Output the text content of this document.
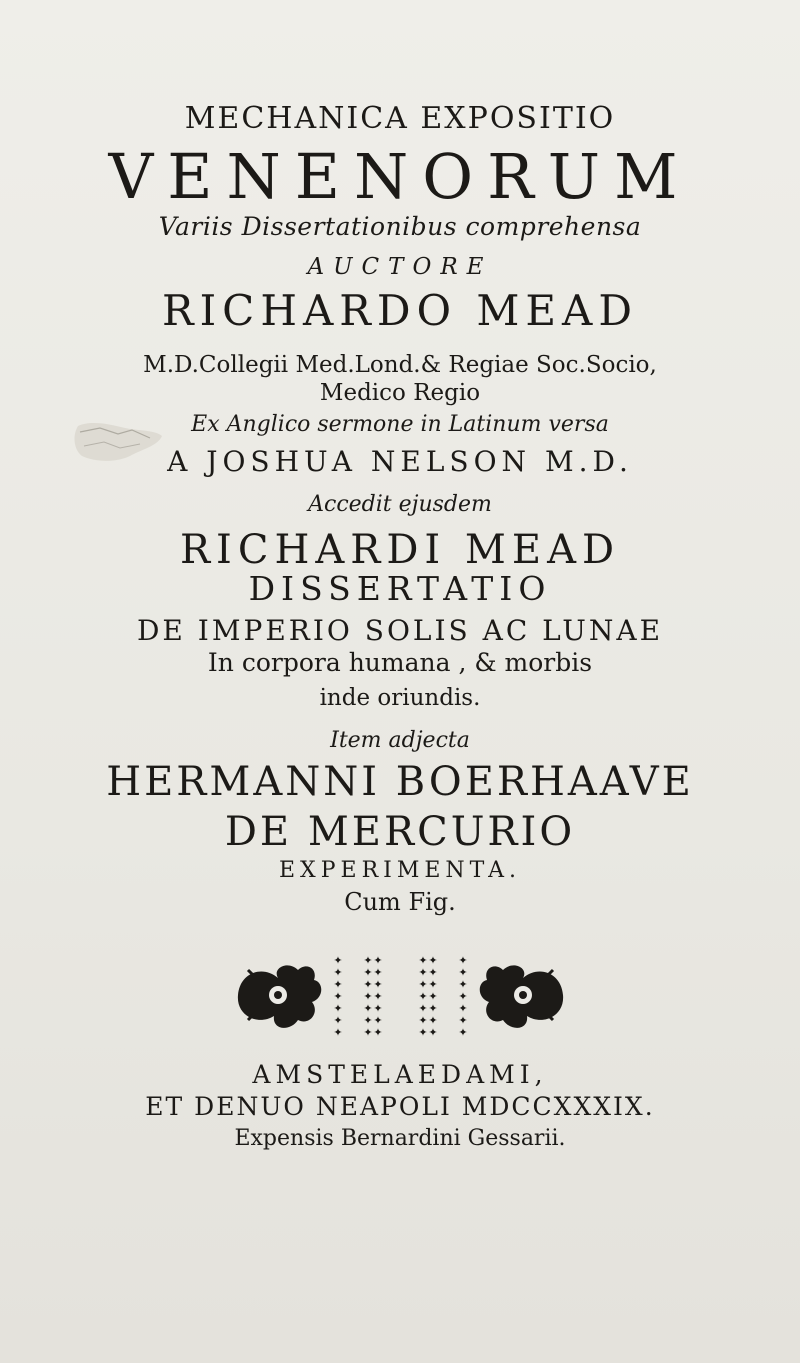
MECHANICA EXPOSITIO
VENENORUM
Variis Dissertationibus comprehensa
AUCTORE
RICHARDO MEAD
M.D.Collegii Med.Lond.& Regiae Soc.Socio,
Medico Regio
Ex Anglico sermone in Latinum versa
A JOSHUA NELSON M.D.
Accedit ejusdem
RICHARDI MEAD
DISSERTATIO
DE IMPERIO SOLIS AC LUNAE
In corpora humana , & morbis
inde oriundis.
Item adjecta
HERMANNI BOERHAAVE
DE MERCURIO
EXPERIMENTA.
Cum Fig.
✦
✦
✦
✦
✦
✦
✦
✦ ✦
✦ ✦
✦ ✦
✦ ✦
✦ ✦
✦ ✦
✦ ✦
✦ ✦
✦ ✦
✦ ✦
✦ ✦
✦ ✦
✦ ✦
✦ ✦
✦
✦
✦
✦
✦
✦
✦
AMSTELAEDAMI,
ET DENUO NEAPOLI MDCCXXXIX.
Expensis Bernardini Gessarii.
